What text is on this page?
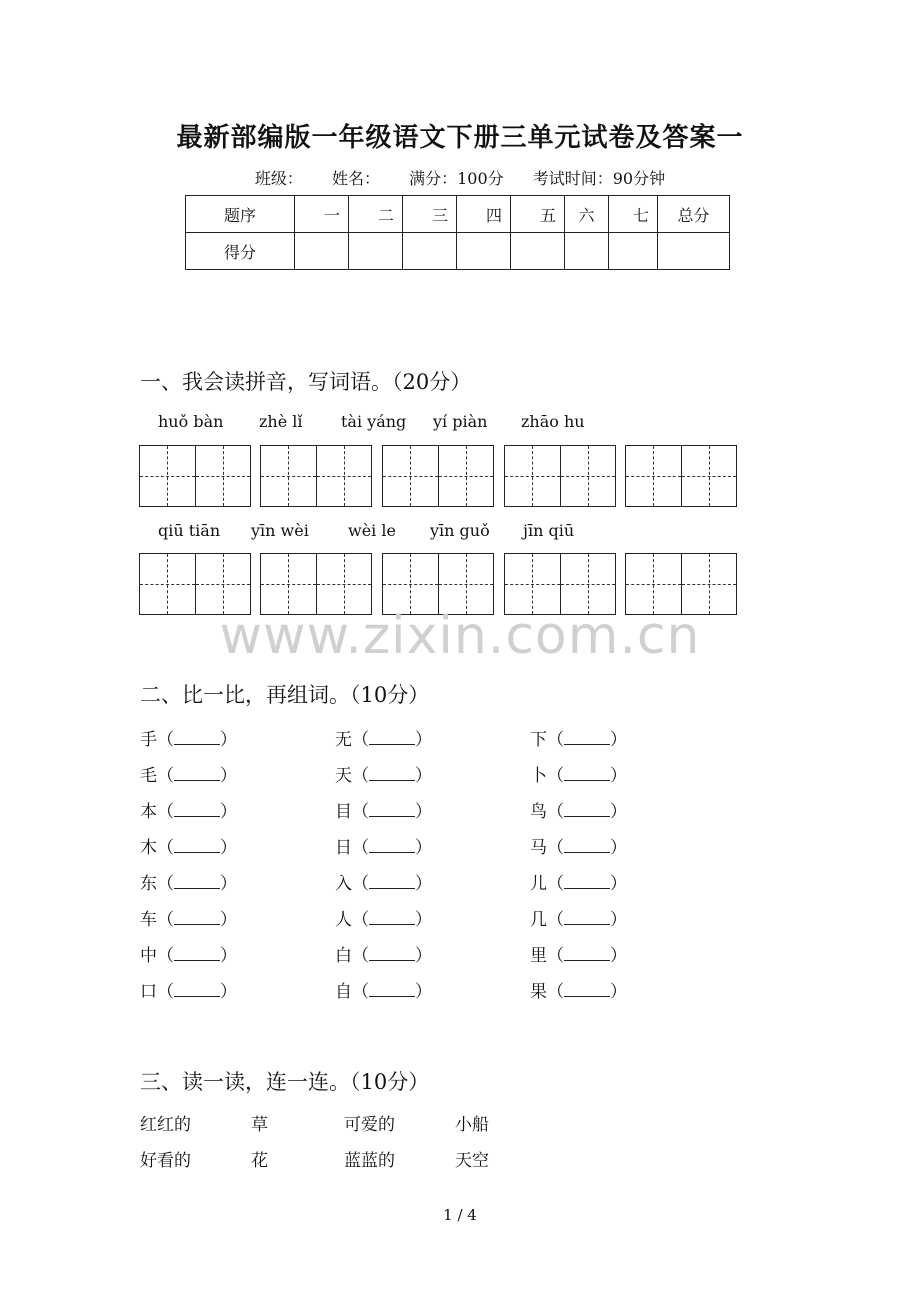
最新部编版一年级语文下册三单元试卷及答案一
班级： 姓名： 满分：100分 考试时间：90分钟
题序	一	二	三	四	五	六	七	总分
得分								
一、我会读拼音，写词语。（20分）
huǒ bàn zhè lǐ tài yáng yí piàn zhāo hu
qiū tiān yīn wèi wèi le yīn guǒ jīn qiū
www.zixin.com.cn
二、比一比，再组词。（10分）
手（	）	无（	）	下（	）
毛（	）	天（	）	卜（	）
本（	）	目（	）	鸟（	）
木（	）	日（	）	马（	）
东（	）	入（	）	儿（	）
车（	）	人（	）	几（	）
中（	）	白（	）	里（	）
口（	）	自（	）	果（	）
三、读一读，连一连。（10分）
红红的	草	可爱的	小船
好看的	花	蓝蓝的	天空
1 / 4
